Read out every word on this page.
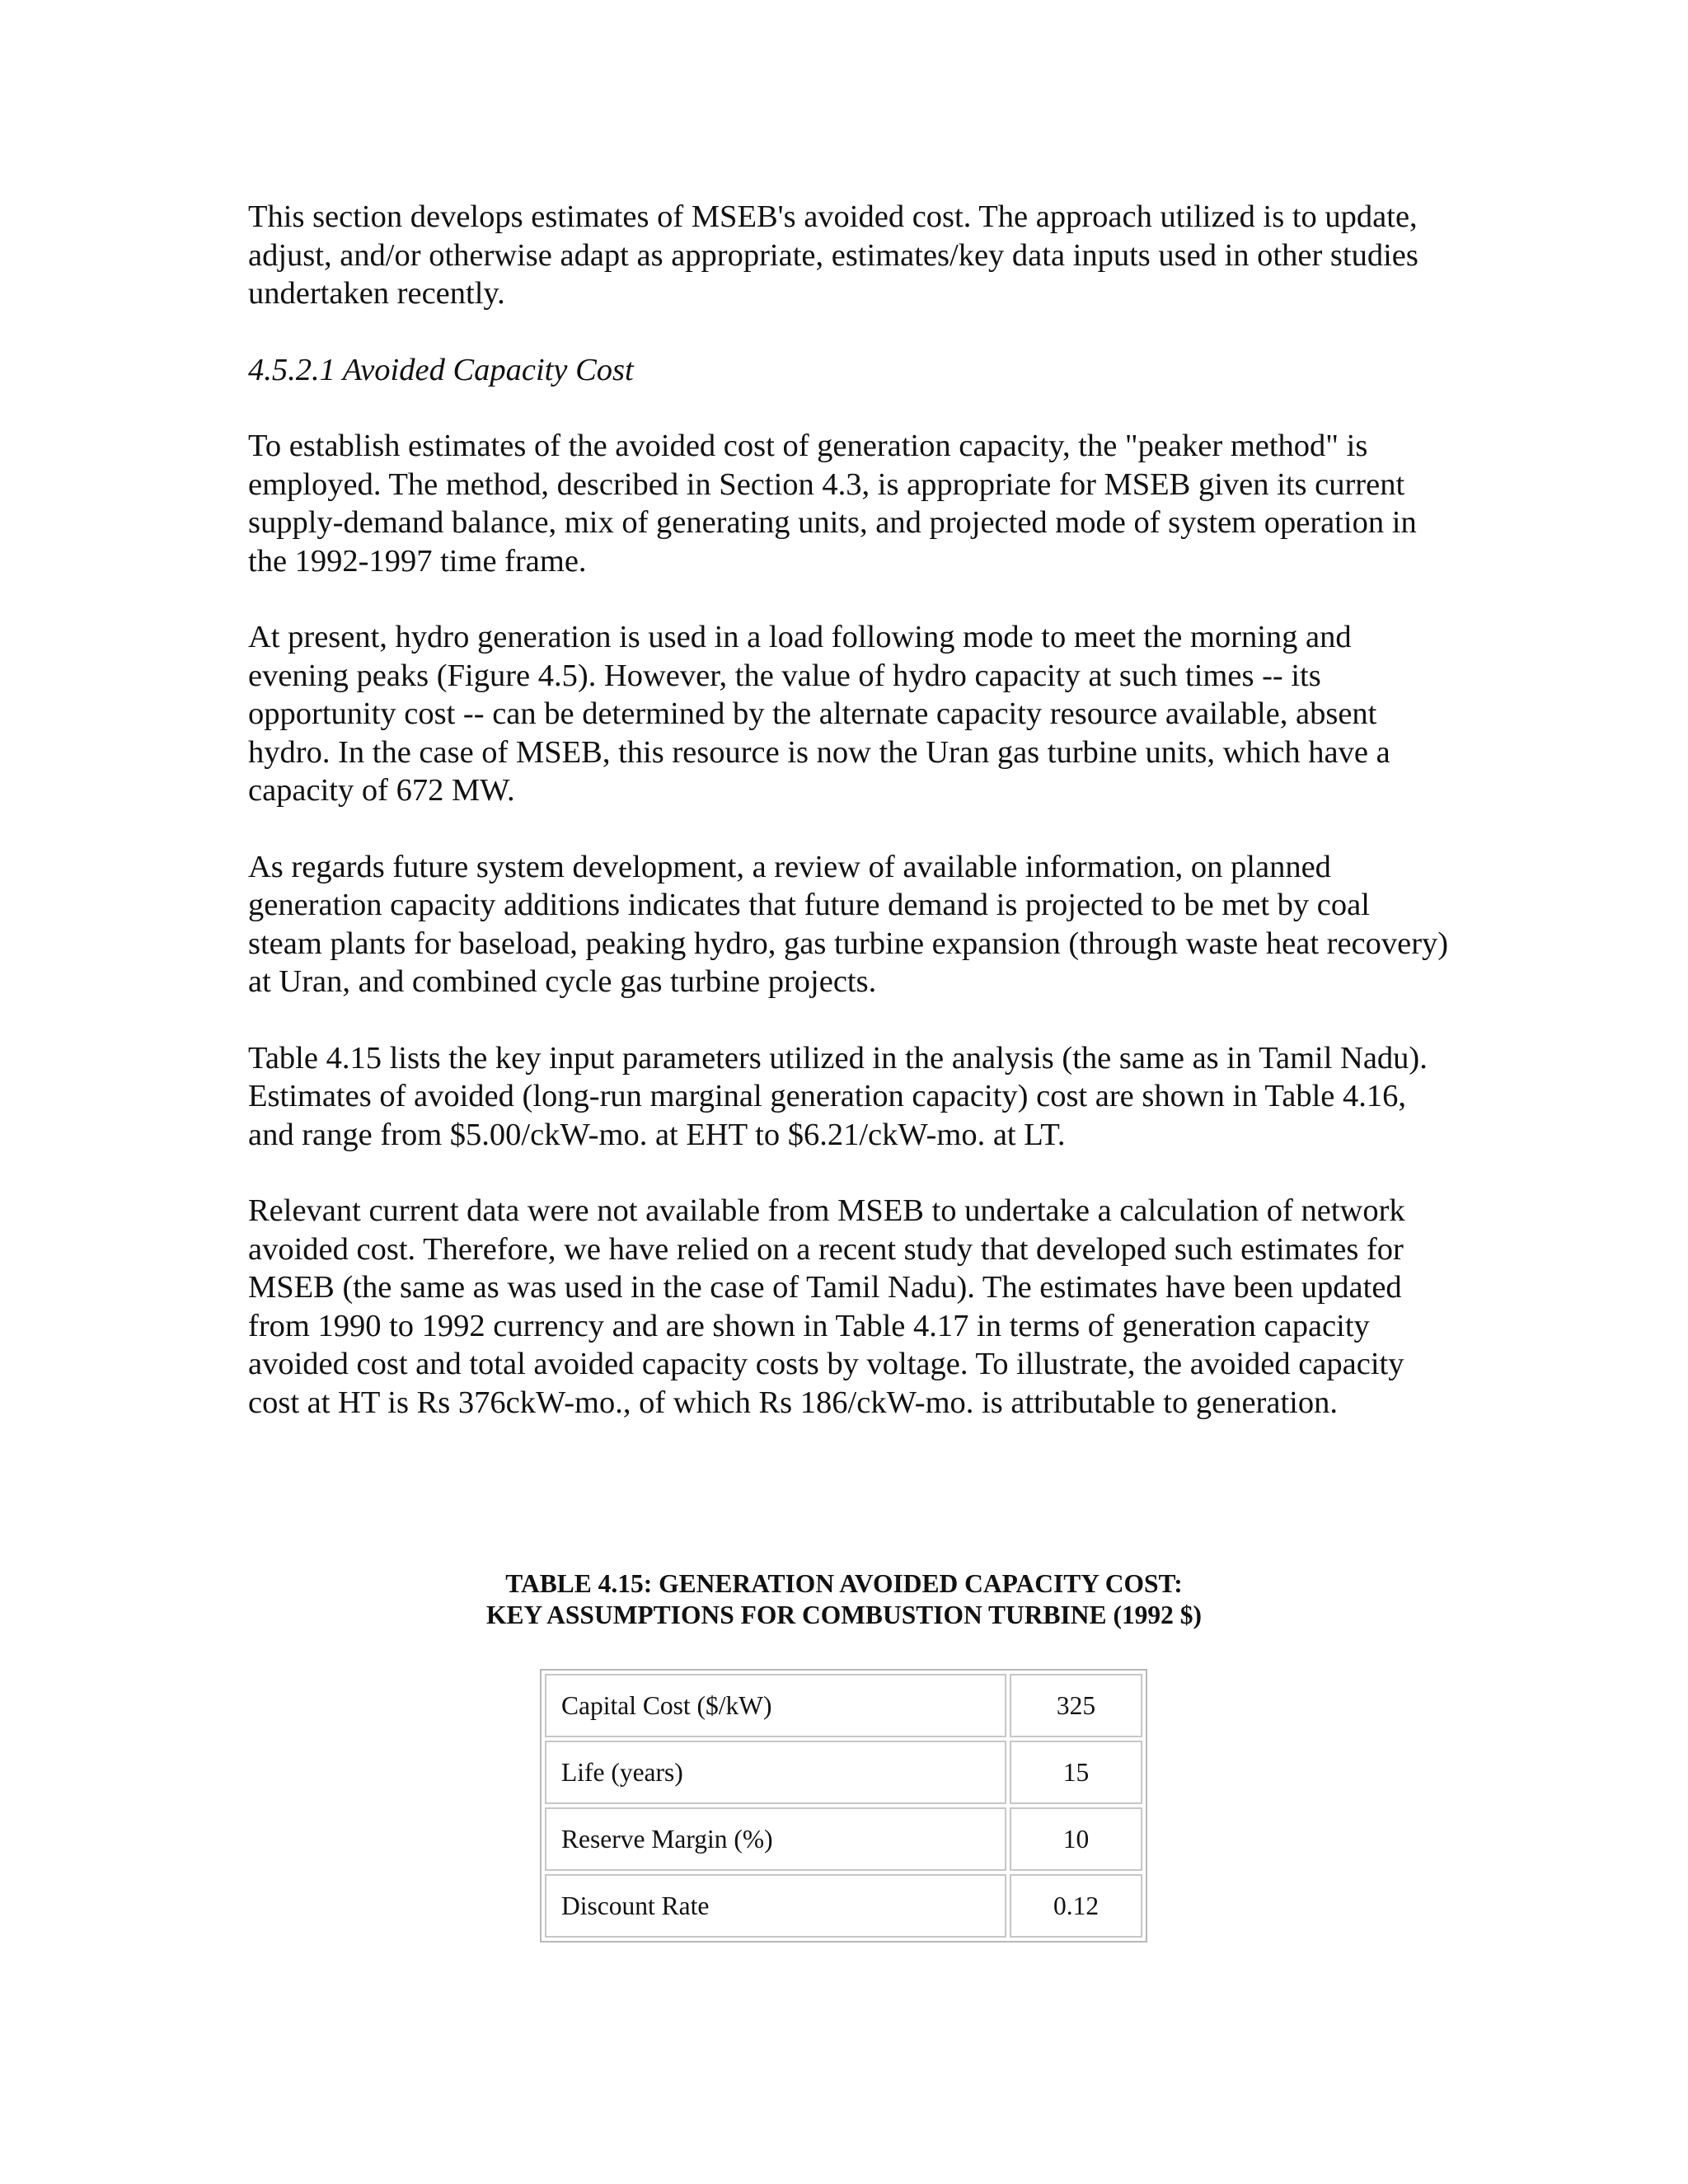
This section develops estimates of MSEB's avoided cost. The approach utilized is to update, adjust, and/or otherwise adapt as appropriate, estimates/key data inputs used in other studies undertaken recently.

4.5.2.1 Avoided Capacity Cost

To establish estimates of the avoided cost of generation capacity, the "peaker method" is employed. The method, described in Section 4.3, is appropriate for MSEB given its current supply-demand balance, mix of generating units, and projected mode of system operation in the 1992-1997 time frame.

At present, hydro generation is used in a load following mode to meet the morning and evening peaks (Figure 4.5). However, the value of hydro capacity at such times -- its opportunity cost -- can be determined by the alternate capacity resource available, absent hydro. In the case of MSEB, this resource is now the Uran gas turbine units, which have a capacity of 672 MW.

As regards future system development, a review of available information, on planned generation capacity additions indicates that future demand is projected to be met by coal steam plants for baseload, peaking hydro, gas turbine expansion (through waste heat recovery) at Uran, and combined cycle gas turbine projects.

Table 4.15 lists the key input parameters utilized in the analysis (the same as in Tamil Nadu). Estimates of avoided (long-run marginal generation capacity) cost are shown in Table 4.16, and range from $5.00/ckW-mo. at EHT to $6.21/ckW-mo. at LT.

Relevant current data were not available from MSEB to undertake a calculation of network avoided cost. Therefore, we have relied on a recent study that developed such estimates for MSEB (the same as was used in the case of Tamil Nadu). The estimates have been updated from 1990 to 1992 currency and are shown in Table 4.17 in terms of generation capacity avoided cost and total avoided capacity costs by voltage. To illustrate, the avoided capacity cost at HT is Rs 376ckW-mo., of which Rs 186/ckW-mo. is attributable to generation.

TABLE 4.15: GENERATION AVOIDED CAPACITY COST:
KEY ASSUMPTIONS FOR COMBUSTION TURBINE (1992 $)
Capital Cost ($/kW)	325
Life (years)	15
Reserve Margin (%)	10
Discount Rate	0.12
